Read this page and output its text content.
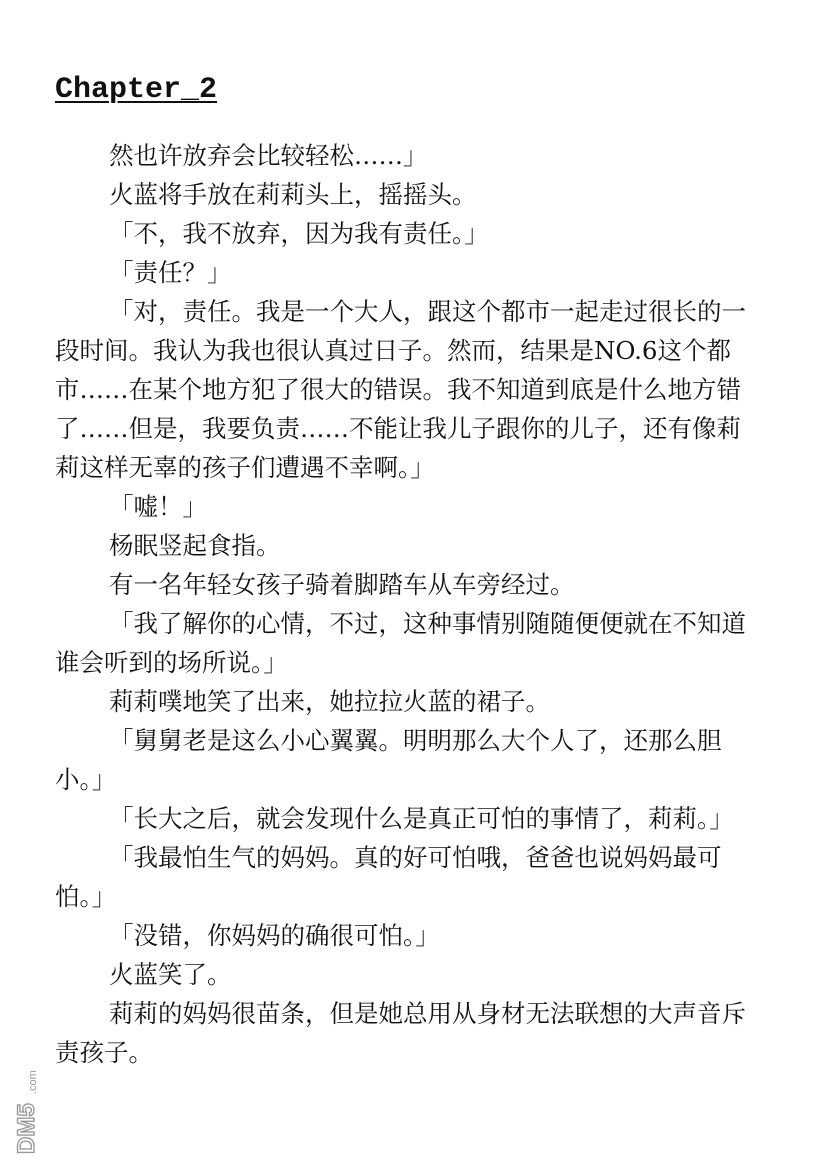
Chapter_2

然也许放弃会比较轻松……」

火蓝将手放在莉莉头上，摇摇头。

「不，我不放弃，因为我有责任。」

「责任？」

「对，责任。我是一个大人，跟这个都市一起走过很长的一段时间。我认为我也很认真过日子。然而，结果是NO.6这个都市……在某个地方犯了很大的错误。我不知道到底是什么地方错了……但是，我要负责……不能让我儿子跟你的儿子，还有像莉莉这样无辜的孩子们遭遇不幸啊。」

「嘘！」

杨眠竖起食指。

有一名年轻女孩子骑着脚踏车从车旁经过。

「我了解你的心情，不过，这种事情别随随便便就在不知道谁会听到的场所说。」

莉莉噗地笑了出来，她拉拉火蓝的裙子。

「舅舅老是这么小心翼翼。明明那么大个人了，还那么胆小。」

「长大之后，就会发现什么是真正可怕的事情了，莉莉。」

「我最怕生气的妈妈。真的好可怕哦，爸爸也说妈妈最可怕。」

「没错，你妈妈的确很可怕。」

火蓝笑了。

莉莉的妈妈很苗条，但是她总用从身材无法联想的大声音斥责孩子。

DM5
.com
